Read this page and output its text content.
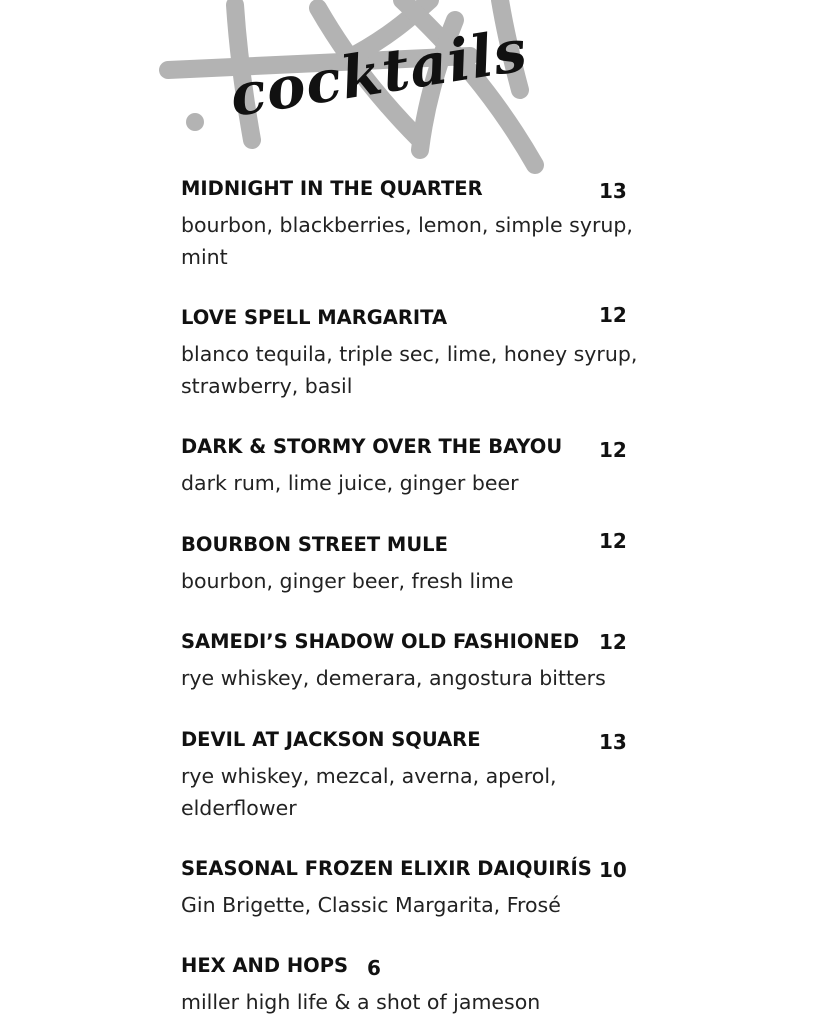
cocktails
MIDNIGHT IN THE QUARTER	13
bourbon, blackberries, lemon, simple syrup, mint
LOVE SPELL MARGARITA	12
blanco tequila, triple sec, lime, honey syrup, strawberry, basil
DARK & STORMY OVER THE BAYOU 12
dark rum, lime juice, ginger beer
BOURBON STREET MULE	12
bourbon, ginger beer, fresh lime
SAMEDI’S SHADOW OLD FASHIONED 12
rye whiskey, demerara, angostura bitters
DEVIL AT JACKSON SQUARE	13
rye whiskey, mezcal, averna, aperol, elderflower
SEASONAL FROZEN ELIXIR DAIQUIRÍS 10
Gin Brigette, Classic Margarita, Frosé
HEX AND HOPS 6
miller high life & a shot of jameson
